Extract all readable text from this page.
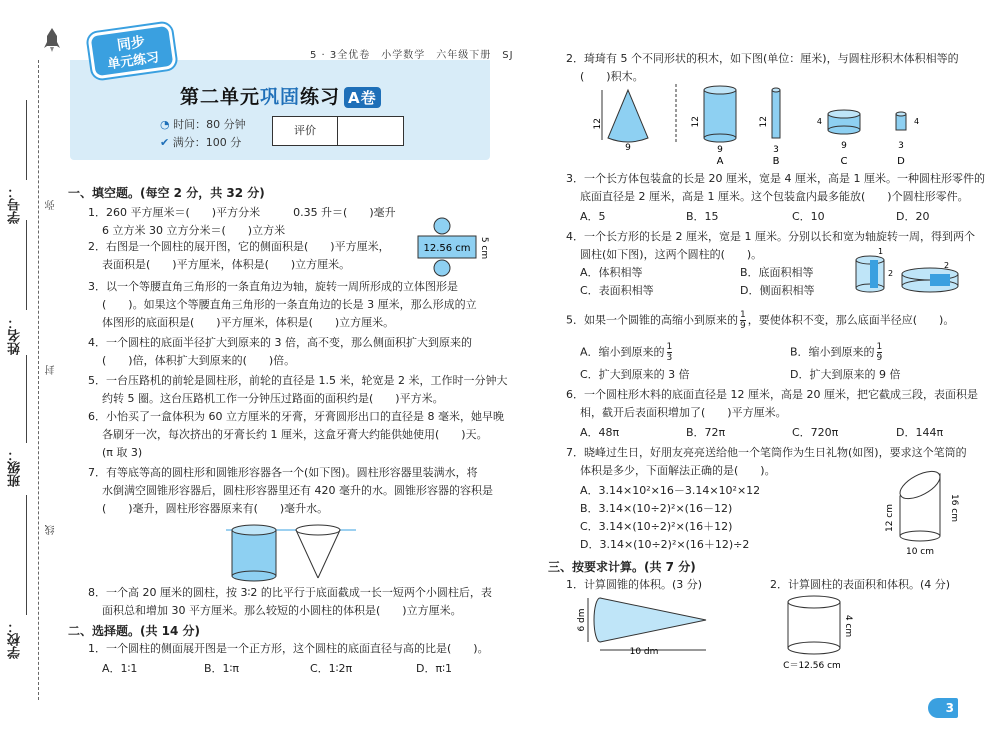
学号：
姓名：
班级：
学校：
弥
封
线
同步
单元练习	5 · 3全优卷　小学数学　六年级下册　SJ
第二单元巩固练习 A卷
◔ 时间：80 分钟
✔ 满分：100 分
评价
一、填空题。(每空 2 分，共 32 分)
1．260 平方厘米＝(　　)平方分米　　　0.35 升＝(　　)毫升
6 立方米 30 立方分米＝(　　)立方米
2．右图是一个圆柱的展开图，它的侧面积是(　　)平方厘米，
表面积是(　　)平方厘米，体积是(　　)立方厘米。
12.56 cm 5 cm
3．以一个等腰直角三角形的一条直角边为轴，旋转一周所形成的立体图形是
(　　)。如果这个等腰直角三角形的一条直角边的长是 3 厘米，那么形成的立
体图形的底面积是(　　)平方厘米，体积是(　　)立方厘米。
4．一个圆柱的底面半径扩大到原来的 3 倍，高不变，那么侧面积扩大到原来的
(　　)倍，体积扩大到原来的(　　)倍。
5．一台压路机的前轮是圆柱形，前轮的直径是 1.5 米，轮宽是 2 米，工作时一分钟大
约转 5 圈。这台压路机工作一分钟压过路面的面积约是(　　)平方米。
6．小怡买了一盒体积为 60 立方厘米的牙膏，牙膏圆形出口的直径是 8 毫米，她早晚
各刷牙一次，每次挤出的牙膏长约 1 厘米，这盒牙膏大约能供她使用(　　)天。
(π 取 3)
7．有等底等高的圆柱形和圆锥形容器各一个(如下图)。圆柱形容器里装满水，将
水倒满空圆锥形容器后，圆柱形容器里还有 420 毫升的水。圆锥形容器的容积是
(　　)毫升，圆柱形容器原来有(　　)毫升水。
8．一个高 20 厘米的圆柱，按 3∶2 的比平行于底面截成一长一短两个小圆柱后，表
面积总和增加 30 平方厘米。那么较短的小圆柱的体积是(　　)立方厘米。
二、选择题。(共 14 分)
1．一个圆柱的侧面展开图是一个正方形，这个圆柱的底面直径与高的比是(　　)。
A．1∶1	B．1∶π	C．1∶2π	D．π∶1
2．琦琦有 5 个不同形状的积木，如下图(单位：厘米)，与圆柱形积木体积相等的
(　　)积木。
12
9
12
9
A
12
3
B
4
9
C
4
3
D
3．一个长方体包装盒的长是 20 厘米，宽是 4 厘米，高是 1 厘米。一种圆柱形零件的
底面直径是 2 厘米，高是 1 厘米。这个包装盒内最多能放(　　)个圆柱形零件。
A．5	B．15	C．10	D．20
4．一个长方形的长是 2 厘米，宽是 1 厘米。分别以长和宽为轴旋转一周，得到两个
圆柱(如下图)，这两个圆柱的(　　)。
A．体积相等	B．底面积相等
C．表面积相等	D．侧面积相等
1
2
2
5．如果一个圆锥的高缩小到原来的 $\frac{1}{9}$ ，要使体积不变，那么底面半径应(　　)。
A．缩小到原来的 $\frac{1}{3}$	B．缩小到原来的 $\frac{1}{9}$
C．扩大到原来的 3 倍	D．扩大到原来的 9 倍
6．一个圆柱形木料的底面直径是 12 厘米，高是 20 厘米，把它截成三段，表面积是
相，截开后表面积增加了(　　)平方厘米。
A．48π	B．72π	C．720π	D．144π
7．晓峰过生日，好朋友亮亮送给他一个笔筒作为生日礼物(如图)，要求这个笔筒的
体积是多少，下面解法正确的是(　　)。
A．3.14×10²×16－3.14×10²×12
B．3.14×(10÷2)²×(16－12)
C．3.14×(10÷2)²×(16＋12)
D．3.14×(10÷2)²×(16＋12)÷2
12 cm	16 cm
10 cm
三、按要求计算。(共 7 分)
1．计算圆锥的体积。(3 分)	2．计算圆柱的表面积和体积。(4 分)
6 dm
10 dm
4 cm
C＝12.56 cm
3
